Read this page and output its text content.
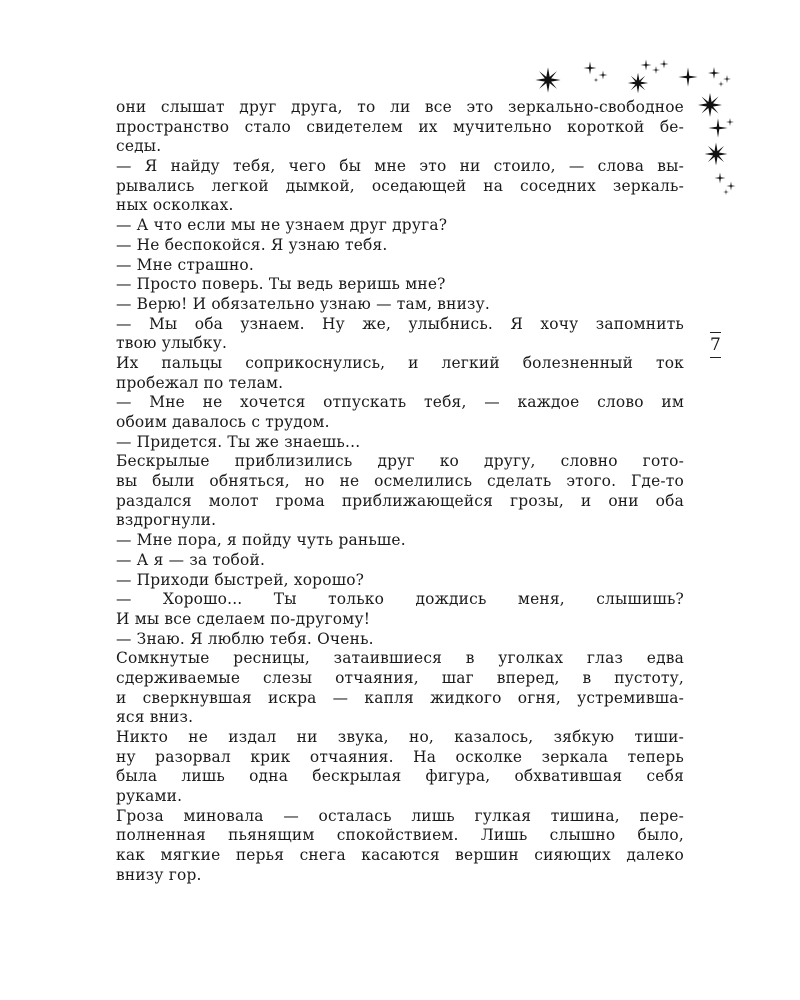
они слышат друг друга, то ли все это зеркально-свободное
пространство стало свидетелем их мучительно короткой бе-
седы.
— Я найду тебя, чего бы мне это ни стоило, — слова вы-
рывались легкой дымкой, оседающей на соседних зеркаль-
ных осколках.
— А что если мы не узнаем друг друга?
— Не беспокойся. Я узнаю тебя.
— Мне страшно.
— Просто поверь. Ты ведь веришь мне?
— Верю! И обязательно узнаю — там, внизу.
— Мы оба узнаем. Ну же, улыбнись. Я хочу запомнить
твою улыбку.
Их пальцы соприкоснулись, и легкий болезненный ток
пробежал по телам.
— Мне не хочется отпускать тебя, — каждое слово им
обоим давалось с трудом.
— Придется. Ты же знаешь...
Бескрылые приблизились друг ко другу, словно гото-
вы были обняться, но не осмелились сделать этого. Где-то
раздался молот грома приближающейся грозы, и они оба
вздрогнули.
— Мне пора, я пойду чуть раньше.
— А я — за тобой.
— Приходи быстрей, хорошо?
— Хорошо... Ты только дождись меня, слышишь?
И мы все сделаем по-другому!
— Знаю. Я люблю тебя. Очень.
Сомкнутые ресницы, затаившиеся в уголках глаз едва
сдерживаемые слезы отчаяния, шаг вперед, в пустоту,
и сверкнувшая искра — капля жидкого огня, устремивша-
яся вниз.
Никто не издал ни звука, но, казалось, зябкую тиши-
ну разорвал крик отчаяния. На осколке зеркала теперь
была лишь одна бескрылая фигура, обхватившая себя
руками.
Гроза миновала — осталась лишь гулкая тишина, пере-
полненная пьянящим спокойствием. Лишь слышно было,
как мягкие перья снега касаются вершин сияющих далеко
внизу гор.
7
